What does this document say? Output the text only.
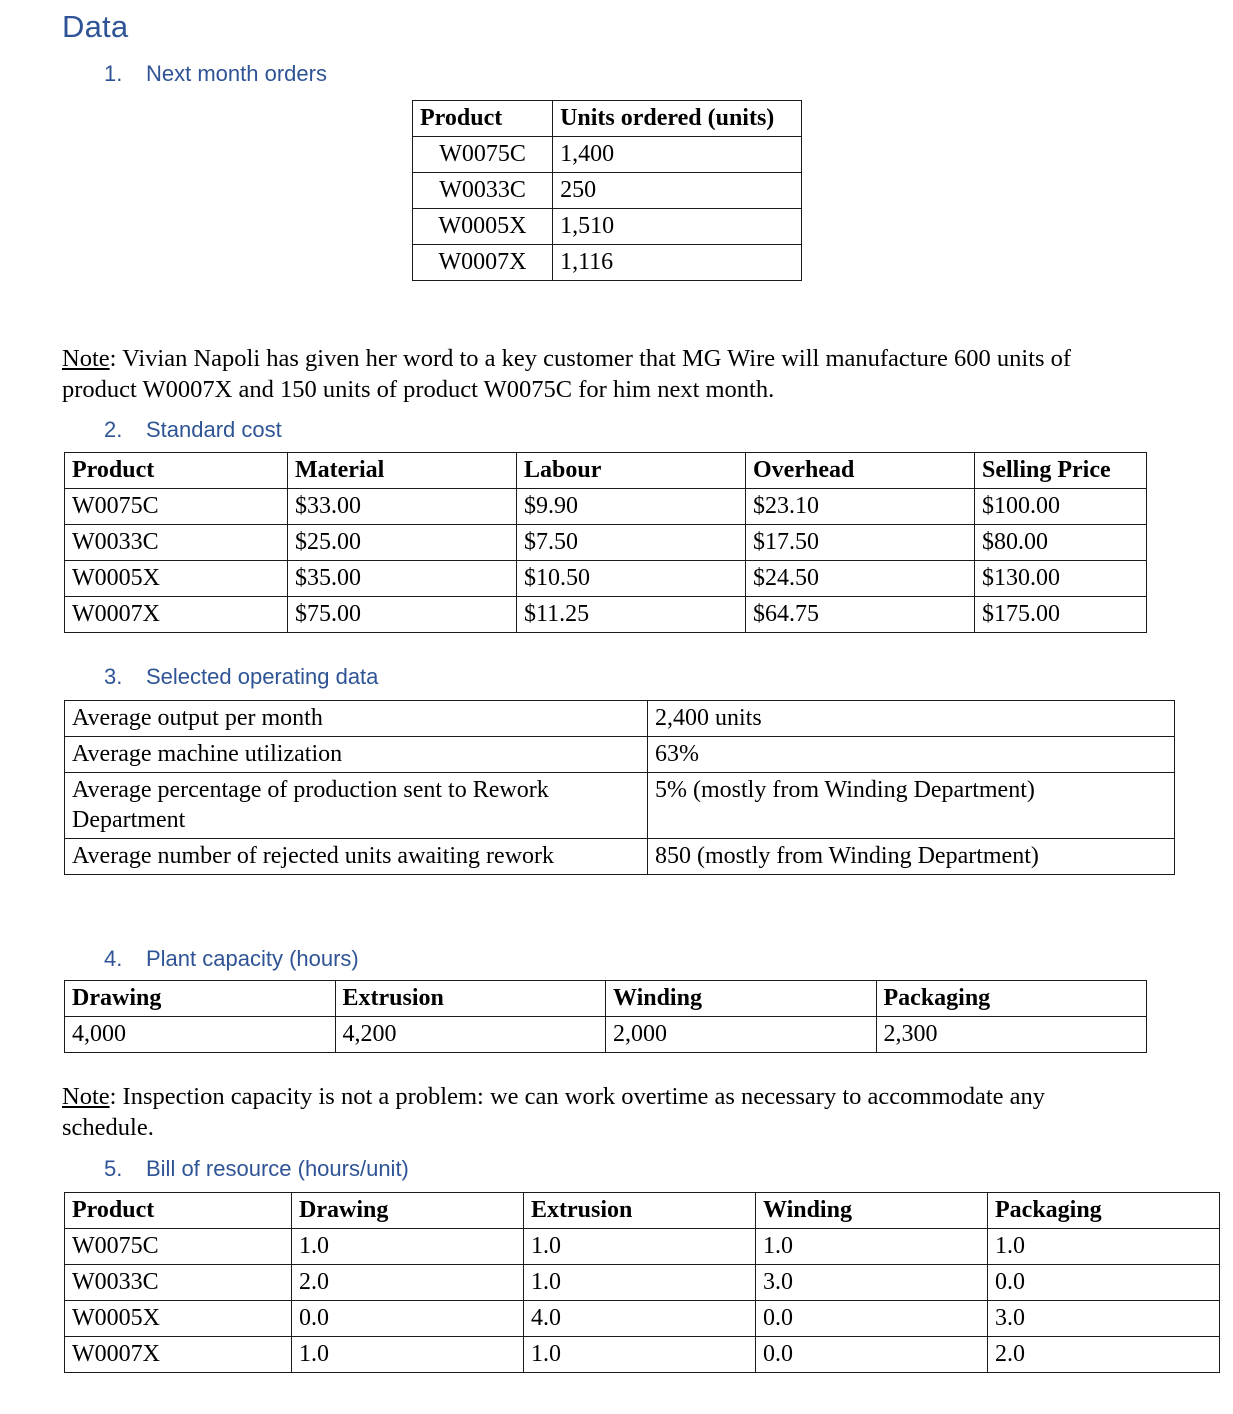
Data
1. Next month orders
Product	Units ordered (units)
W0075C	1,400
W0033C	250
W0005X	1,510
W0007X	1,116
Note: Vivian Napoli has given her word to a key customer that MG Wire will manufacture 600 units of product W0007X and 150 units of product W0075C for him next month.
2. Standard cost
Product	Material	Labour	Overhead	Selling Price
W0075C	$33.00	$9.90	$23.10	$100.00
W0033C	$25.00	$7.50	$17.50	$80.00
W0005X	$35.00	$10.50	$24.50	$130.00
W0007X	$75.00	$11.25	$64.75	$175.00
3. Selected operating data
Average output per month	2,400 units
Average machine utilization	63%
Average percentage of production sent to Rework Department	5% (mostly from Winding Department)
Average number of rejected units awaiting rework	850 (mostly from Winding Department)
4. Plant capacity (hours)
Drawing	Extrusion	Winding	Packaging
4,000	4,200	2,000	2,300
Note: Inspection capacity is not a problem: we can work overtime as necessary to accommodate any schedule.
5. Bill of resource (hours/unit)
Product	Drawing	Extrusion	Winding	Packaging
W0075C	1.0	1.0	1.0	1.0
W0033C	2.0	1.0	3.0	0.0
W0005X	0.0	4.0	0.0	3.0
W0007X	1.0	1.0	0.0	2.0
